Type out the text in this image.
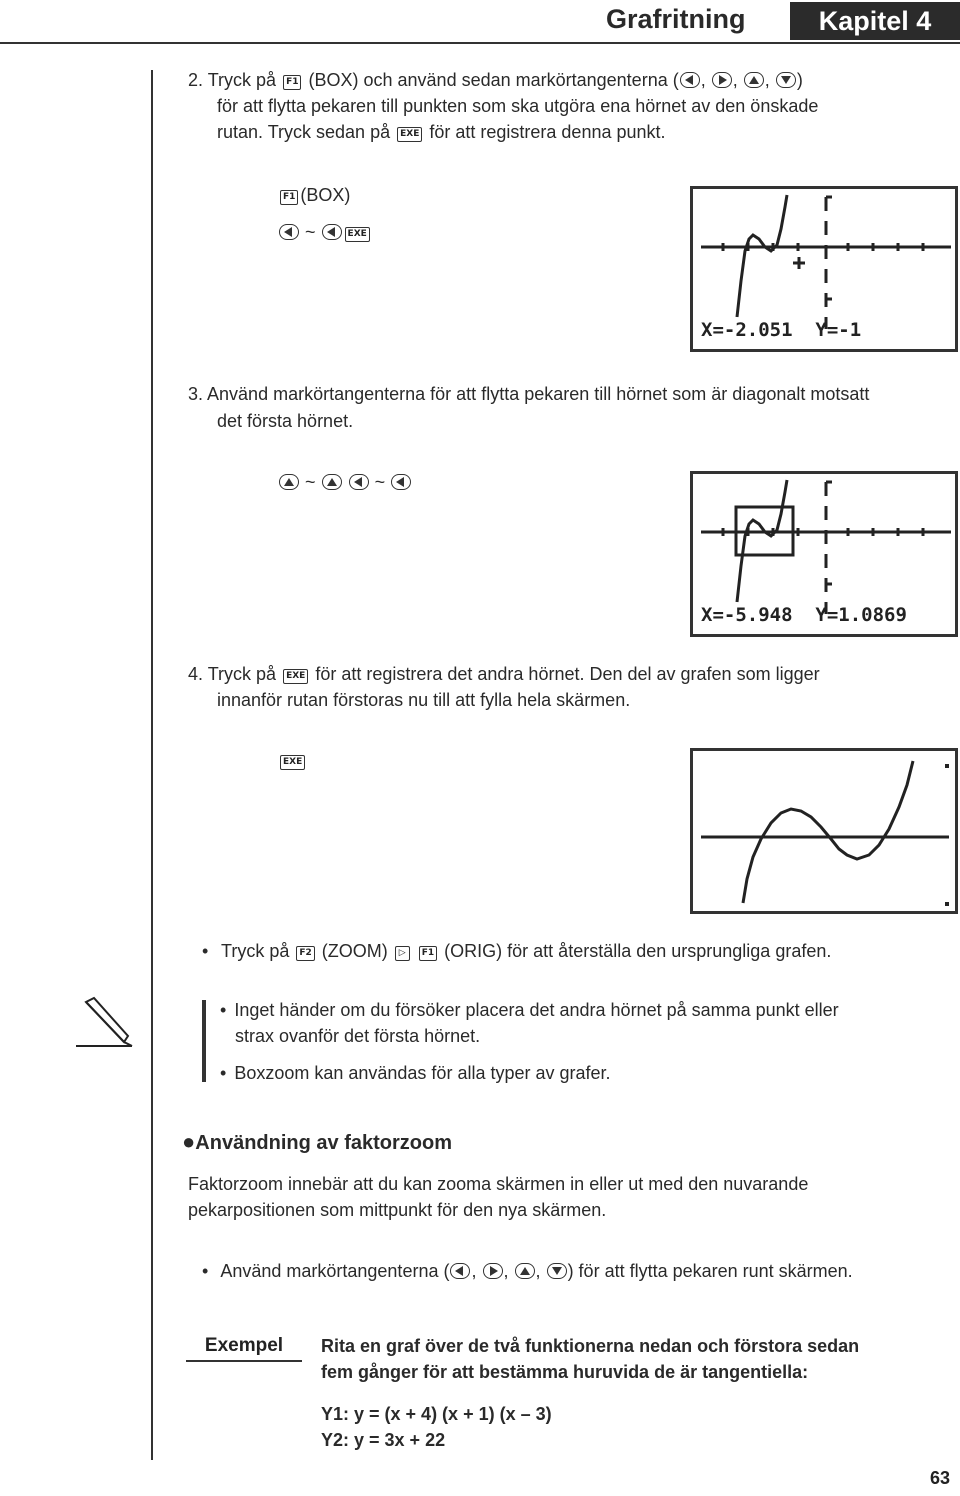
Grafritning	Kapitel 4
2. Tryck på F1 (BOX) och använd sedan markörtangenterna ( , , , )
för att flytta pekaren till punkten som ska utgöra ena hörnet av den önskade
rutan. Tryck sedan på EXE för att registrera denna punkt.
F1 (BOX)
~	EXE
X=-2.051 Y=-1
3. Använd markörtangenterna för att flytta pekaren till hörnet som är diagonalt motsatt
det första hörnet.
~	~
X=-5.948 Y=1.0869
4. Tryck på EXE för att registrera det andra hörnet. Den del av grafen som ligger
innanför rutan förstoras nu till att fylla hela skärmen.
EXE
• Tryck på F2 (ZOOM) ▷ F1 (ORIG) för att återställa den ursprungliga grafen.
• Inget händer om du försöker placera det andra hörnet på samma punkt eller
strax ovanför det första hörnet.
• Boxzoom kan användas för alla typer av grafer.
●Användning av faktorzoom
Faktorzoom innebär att du kan zooma skärmen in eller ut med den nuvarande
pekarpositionen som mittpunkt för den nya skärmen.
• Använd markörtangenterna ( , , , ) för att flytta pekaren runt skärmen.
Exempel	Rita en graf över de två funktionerna nedan och förstora sedan
fem gånger för att bestämma huruvida de är tangentiella:
Y1: y = (x + 4) (x + 1) (x – 3)
Y2: y = 3x + 22
63
